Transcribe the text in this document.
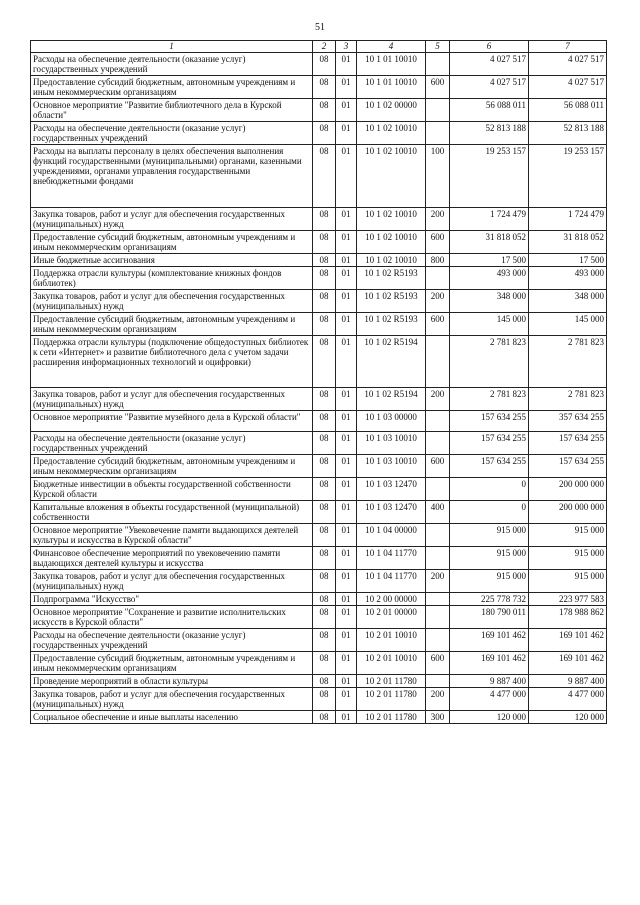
51
1	2	3	4	5	6	7
Расходы на обеспечение деятельности (оказание услуг) государственных учреждений	08	01	10 1 01 10010		4 027 517	4 027 517
Предоставление субсидий бюджетным, автономным учреждениям и иным некоммерческим организациям	08	01	10 1 01 10010	600	4 027 517	4 027 517
Основное мероприятие "Развитие библиотечного дела в Курской области"	08	01	10 1 02 00000		56 088 011	56 088 011
Расходы на обеспечение деятельности (оказание услуг) государственных учреждений	08	01	10 1 02 10010		52 813 188	52 813 188
Расходы на выплаты персоналу в целях обеспечения выполнения функций государственными (муниципальными) органами, казенными учреждениями, органами управления государственными внебюджетными фондами	08	01	10 1 02 10010	100	19 253 157	19 253 157
Закупка товаров, работ и услуг для обеспечения государственных (муниципальных) нужд	08	01	10 1 02 10010	200	1 724 479	1 724 479
Предоставление субсидий бюджетным, автономным учреждениям и иным некоммерческим организациям	08	01	10 1 02 10010	600	31 818 052	31 818 052
Иные бюджетные ассигнования	08	01	10 1 02 10010	800	17 500	17 500
Поддержка отрасли культуры (комплектование книжных фондов библиотек)	08	01	10 1 02 R5193		493 000	493 000
Закупка товаров, работ и услуг для обеспечения государственных (муниципальных) нужд	08	01	10 1 02 R5193	200	348 000	348 000
Предоставление субсидий бюджетным, автономным учреждениям и иным некоммерческим организациям	08	01	10 1 02 R5193	600	145 000	145 000
Поддержка отрасли культуры (подключение общедоступных библиотек к сети «Интернет» и развитие библиотечного дела с учетом задачи расширения информационных технологий и оцифровки)	08	01	10 1 02 R5194		2 781 823	2 781 823
Закупка товаров, работ и услуг для обеспечения государственных (муниципальных) нужд	08	01	10 1 02 R5194	200	2 781 823	2 781 823
Основное мероприятие "Развитие музейного дела в Курской области"	08	01	10 1 03 00000		157 634 255	357 634 255
Расходы на обеспечение деятельности (оказание услуг) государственных учреждений	08	01	10 1 03 10010		157 634 255	157 634 255
Предоставление субсидий бюджетным, автономным учреждениям и иным некоммерческим организациям	08	01	10 1 03 10010	600	157 634 255	157 634 255
Бюджетные инвестиции в объекты государственной собственности Курской области	08	01	10 1 03 12470		0	200 000 000
Капитальные вложения в объекты государственной (муниципальной) собственности	08	01	10 1 03 12470	400	0	200 000 000
Основное мероприятие "Увековечение памяти выдающихся деятелей культуры и искусства в Курской области"	08	01	10 1 04 00000		915 000	915 000
Финансовое обеспечение мероприятий по увековечению памяти выдающихся деятелей культуры и искусства	08	01	10 1 04 11770		915 000	915 000
Закупка товаров, работ и услуг для обеспечения государственных (муниципальных) нужд	08	01	10 1 04 11770	200	915 000	915 000
Подпрограмма "Искусство"	08	01	10 2 00 00000		225 778 732	223 977 583
Основное мероприятие "Сохранение и развитие исполнительских искусств в Курской области"	08	01	10 2 01 00000		180 790 011	178 988 862
Расходы на обеспечение деятельности (оказание услуг) государственных учреждений	08	01	10 2 01 10010		169 101 462	169 101 462
Предоставление субсидий бюджетным, автономным учреждениям и иным некоммерческим организациям	08	01	10 2 01 10010	600	169 101 462	169 101 462
Проведение мероприятий в области культуры	08	01	10 2 01 11780		9 887 400	9 887 400
Закупка товаров, работ и услуг для обеспечения государственных (муниципальных) нужд	08	01	10 2 01 11780	200	4 477 000	4 477 000
Социальное обеспечение и иные выплаты населению	08	01	10 2 01 11780	300	120 000	120 000
